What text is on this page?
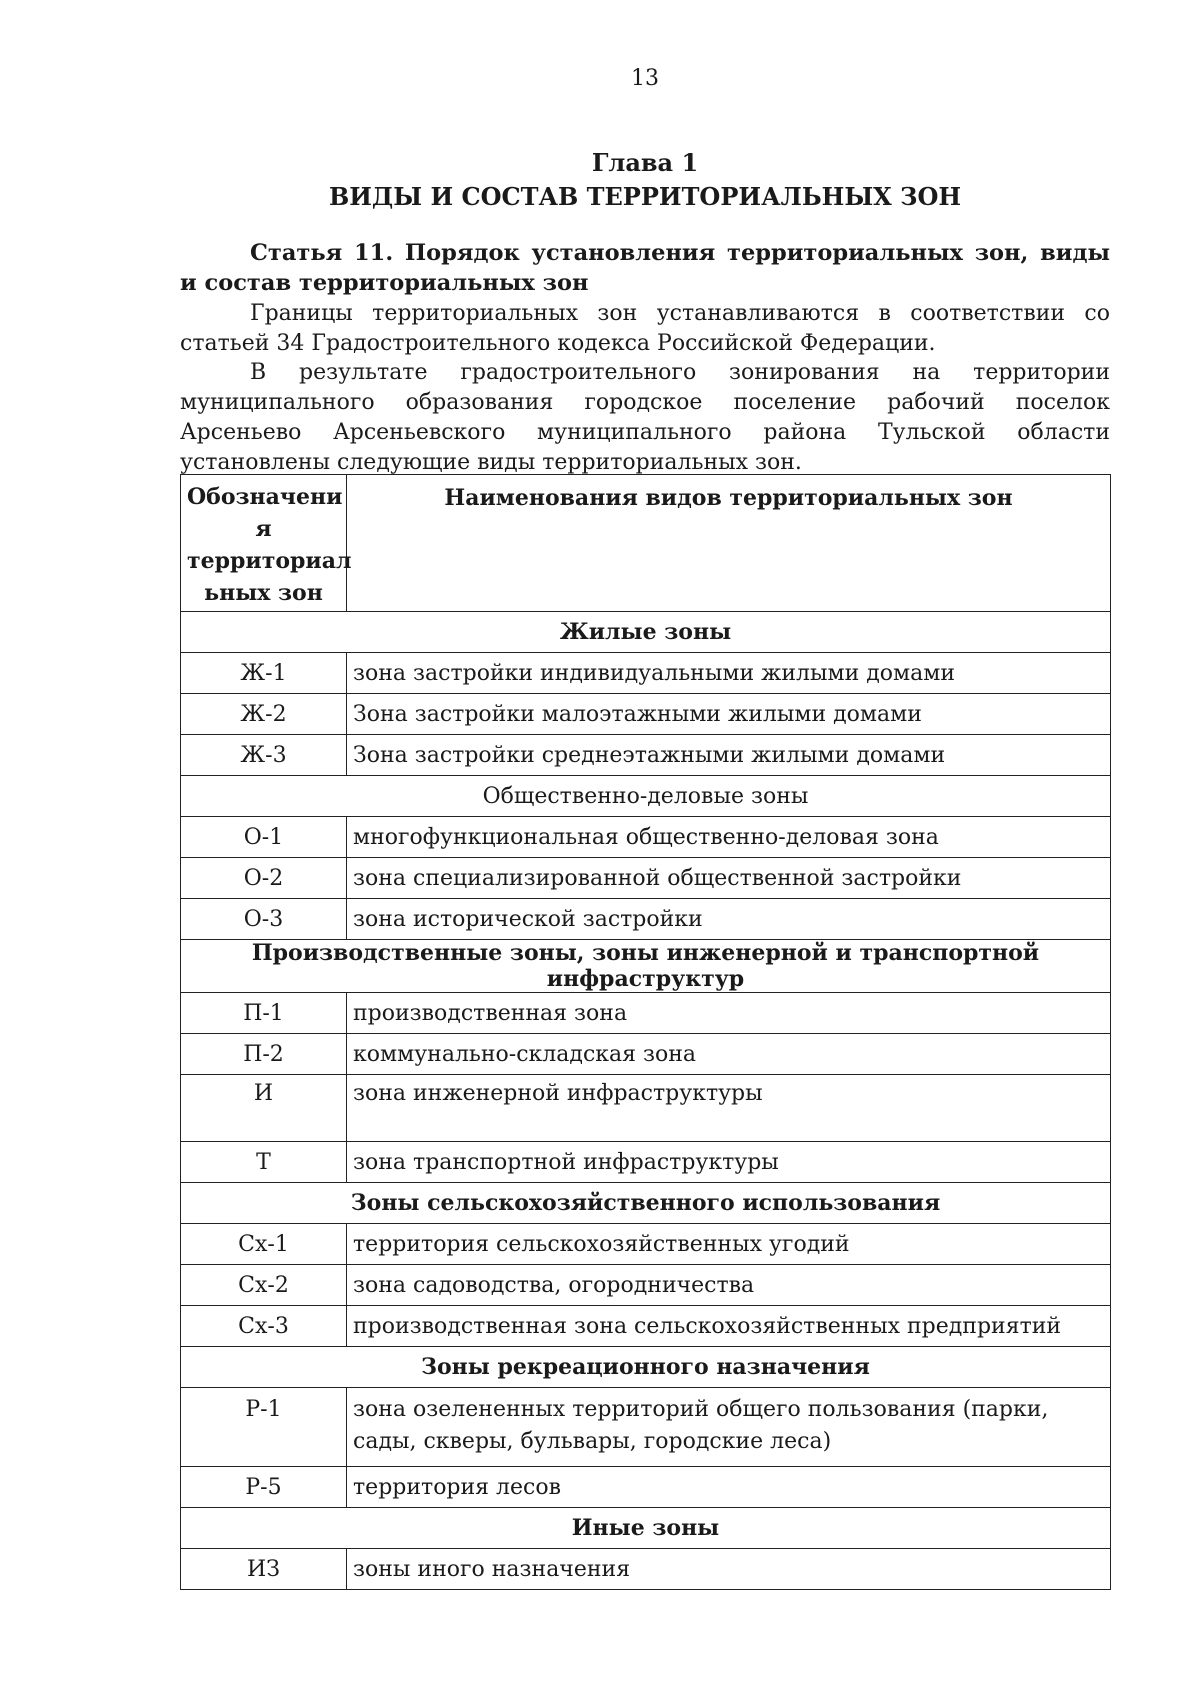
13
Глава 1
ВИДЫ И СОСТАВ ТЕРРИТОРИАЛЬНЫХ ЗОН

Статья 11. Порядок установления территориальных зон, виды и состав территориальных зон

Границы территориальных зон устанавливаются в соответствии со статьей 34 Градостроительного кодекса Российской Федерации.

В результате градостроительного зонирования на территории муниципального образования городское поселение рабочий поселок Арсеньево Арсеньевского муниципального района Тульской области установлены следующие виды территориальных зон.

Обозначени
я
территориал
ьных зон	Наименования видов территориальных зон
Жилые зоны	
Ж-1	зона застройки индивидуальными жилыми домами
Ж-2	Зона застройки малоэтажными жилыми домами
Ж-3	Зона застройки среднеэтажными жилыми домами
Общественно-деловые зоны	
О-1	многофункциональная общественно-деловая зона
О-2	зона специализированной общественной застройки
О-3	зона исторической застройки
Производственные зоны, зоны инженерной и транспортной инфраструктур	
П-1	производственная зона
П-2	коммунально-складская зона
И	зона инженерной инфраструктуры
Т	зона транспортной инфраструктуры
Зоны сельскохозяйственного использования	
Сх-1	территория сельскохозяйственных угодий
Сх-2	зона садоводства, огородничества
Сх-3	производственная зона сельскохозяйственных предприятий
Зоны рекреационного назначения	
Р-1	зона озелененных территорий общего пользования (парки, сады, скверы, бульвары, городские леса)
Р-5	территория лесов
Иные зоны	
ИЗ	зоны иного назначения
